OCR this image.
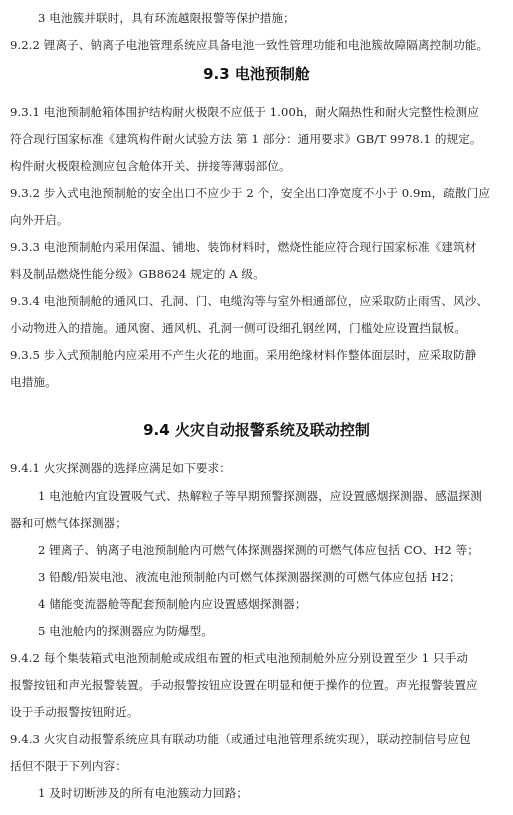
3 电池簇并联时，具有环流越限报警等保护措施；
9.2.2 锂离子、钠离子电池管理系统应具备电池一致性管理功能和电池簇故障隔离控制功能。
9.3 电池预制舱
9.3.1 电池预制舱箱体围护结构耐火极限不应低于 1.00h，耐火隔热性和耐火完整性检测应
符合现行国家标准《建筑构件耐火试验方法 第 1 部分：通用要求》GB/T 9978.1 的规定。
构件耐火极限检测应包含舱体开关、拼接等薄弱部位。
9.3.2 步入式电池预制舱的安全出口不应少于 2 个，安全出口净宽度不小于 0.9m，疏散门应
向外开启。
9.3.3 电池预制舱内采用保温、铺地、装饰材料时，燃烧性能应符合现行国家标准《建筑材
料及制品燃烧性能分级》GB8624 规定的 A 级。
9.3.4 电池预制舱的通风口、孔洞、门、电缆沟等与室外相通部位，应采取防止雨雪、风沙、
小动物进入的措施。通风窗、通风机、孔洞一侧可设细孔钢丝网，门槛处应设置挡鼠板。
9.3.5 步入式预制舱内应采用不产生火花的地面。采用绝缘材料作整体面层时，应采取防静
电措施。
9.4 火灾自动报警系统及联动控制
9.4.1 火灾探测器的选择应满足如下要求：
1 电池舱内宜设置吸气式、热解粒子等早期预警探测器，应设置感烟探测器、感温探测
器和可燃气体探测器；
2 锂离子、钠离子电池预制舱内可燃气体探测器探测的可燃气体应包括 CO、H2 等；
3 铅酸/铅炭电池、液流电池预制舱内可燃气体探测器探测的可燃气体应包括 H2；
4 储能变流器舱等配套预制舱内应设置感烟探测器；
5 电池舱内的探测器应为防爆型。
9.4.2 每个集装箱式电池预制舱或成组布置的柜式电池预制舱外应分别设置至少 1 只手动
报警按钮和声光报警装置。手动报警按钮应设置在明显和便于操作的位置。声光报警装置应
设于手动报警按钮附近。
9.4.3 火灾自动报警系统应具有联动功能（或通过电池管理系统实现），联动控制信号应包
括但不限于下列内容：
1 及时切断涉及的所有电池簇动力回路；
